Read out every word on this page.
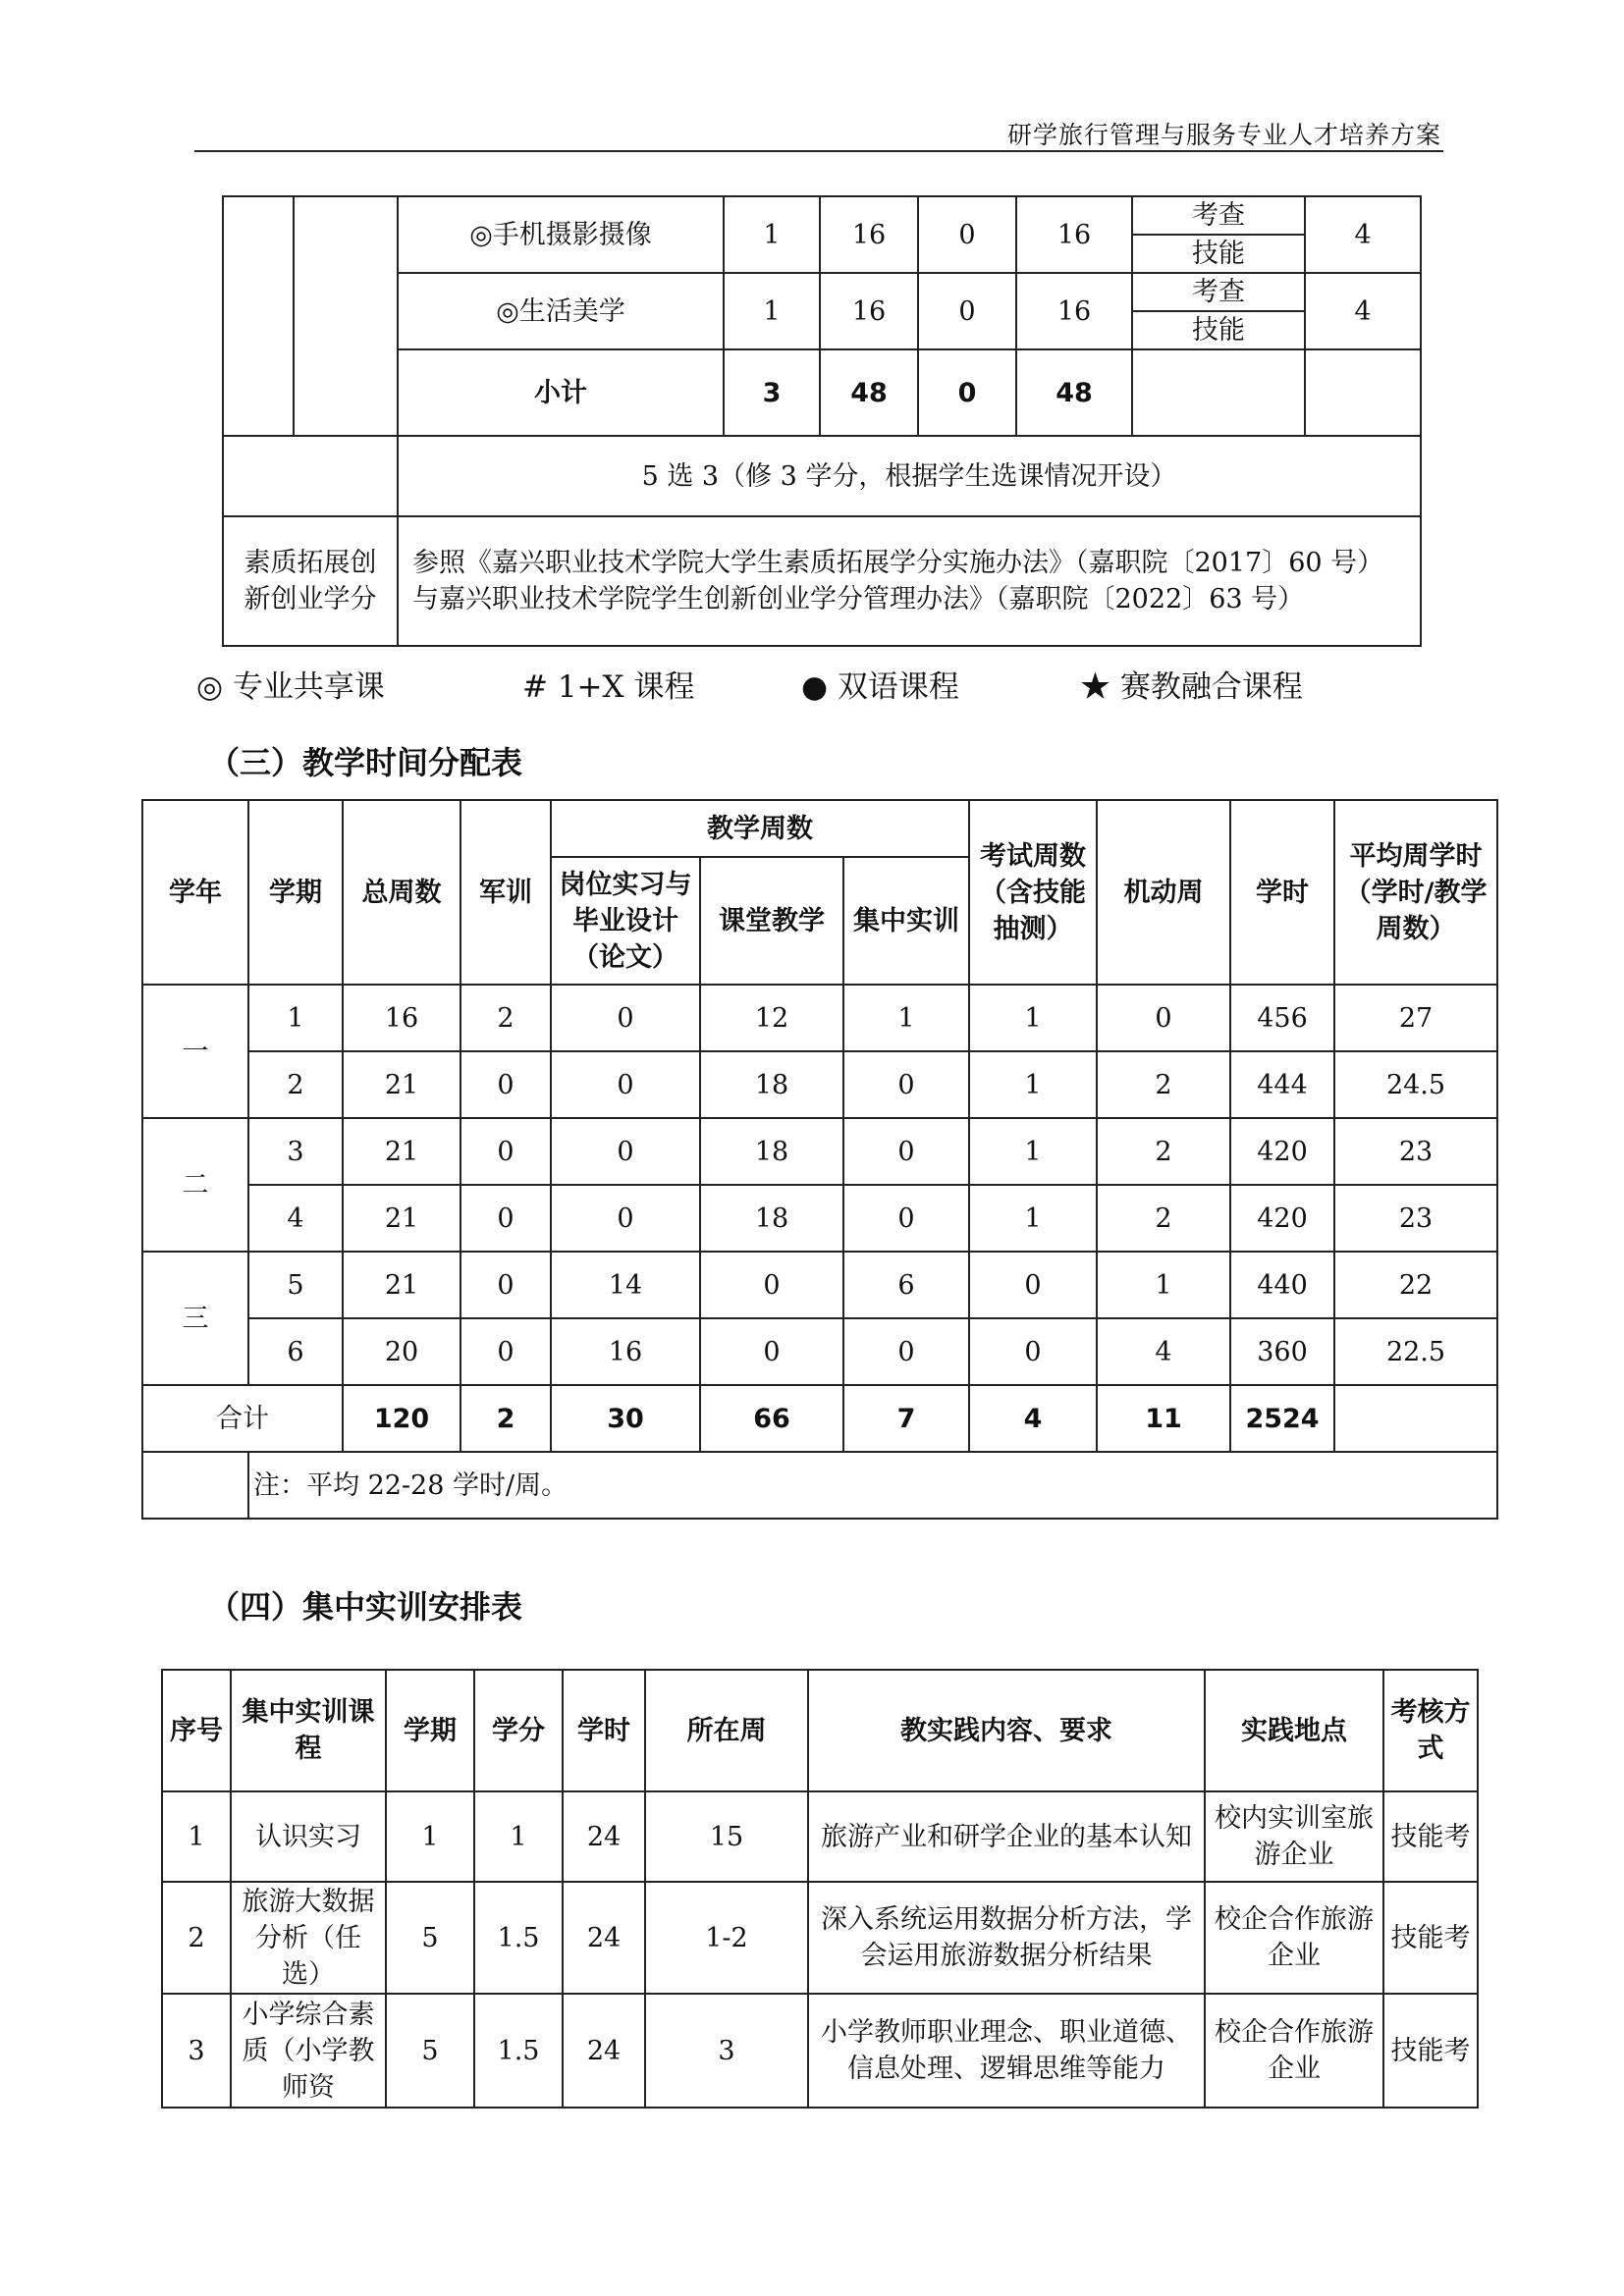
研学旅行管理与服务专业人才培养方案
		◎手机摄影摄像	1	16	0	16	考查	4
							技能	
		◎生活美学	1	16	0	16	考查	4
							技能	
		小计	3	48	0	48		
		5 选 3（修 3 学分，根据学生选课情况开设）						
素质拓展创新创业学分		参照《嘉兴职业技术学院大学生素质拓展学分实施办法》（嘉职院〔2017〕60 号）
与嘉兴职业技术学院学生创新创业学分管理办法》（嘉职院〔2022〕63 号）						
◎ 专业共享课	# 1+X 课程	● 双语课程	★ 赛教融合课程
（三）教学时间分配表
学年	学期	总周数	军训	教学周数			考试周数（含技能抽测）	机动周	学时	平均周学时（学时/教学周数）
				岗位实习与毕业设计（论文）	课堂教学	集中实训				
一	1	16	2	0	12	1	1	0	456	27
	2	21	0	0	18	0	1	2	444	24.5
二	3	21	0	0	18	0	1	2	420	23
	4	21	0	0	18	0	1	2	420	23
三	5	21	0	14	0	6	0	1	440	22
	6	20	0	16	0	0	0	4	360	22.5
合计		120	2	30	66	7	4	11	2524	
	注：平均 22-28 学时/周。									
（四）集中实训安排表
序号	集中实训课程	学期	学分	学时	所在周	教实践内容、要求	实践地点	考核方式
1	认识实习	1	1	24	15	旅游产业和研学企业的基本认知	校内实训室旅游企业	技能考
2	旅游大数据分析（任选）	5	1.5	24	1-2	深入系统运用数据分析方法，学会运用旅游数据分析结果	校企合作旅游企业	技能考
3	小学综合素质（小学教师资	5	1.5	24	3	小学教师职业理念、职业道德、信息处理、逻辑思维等能力	校企合作旅游企业	技能考
